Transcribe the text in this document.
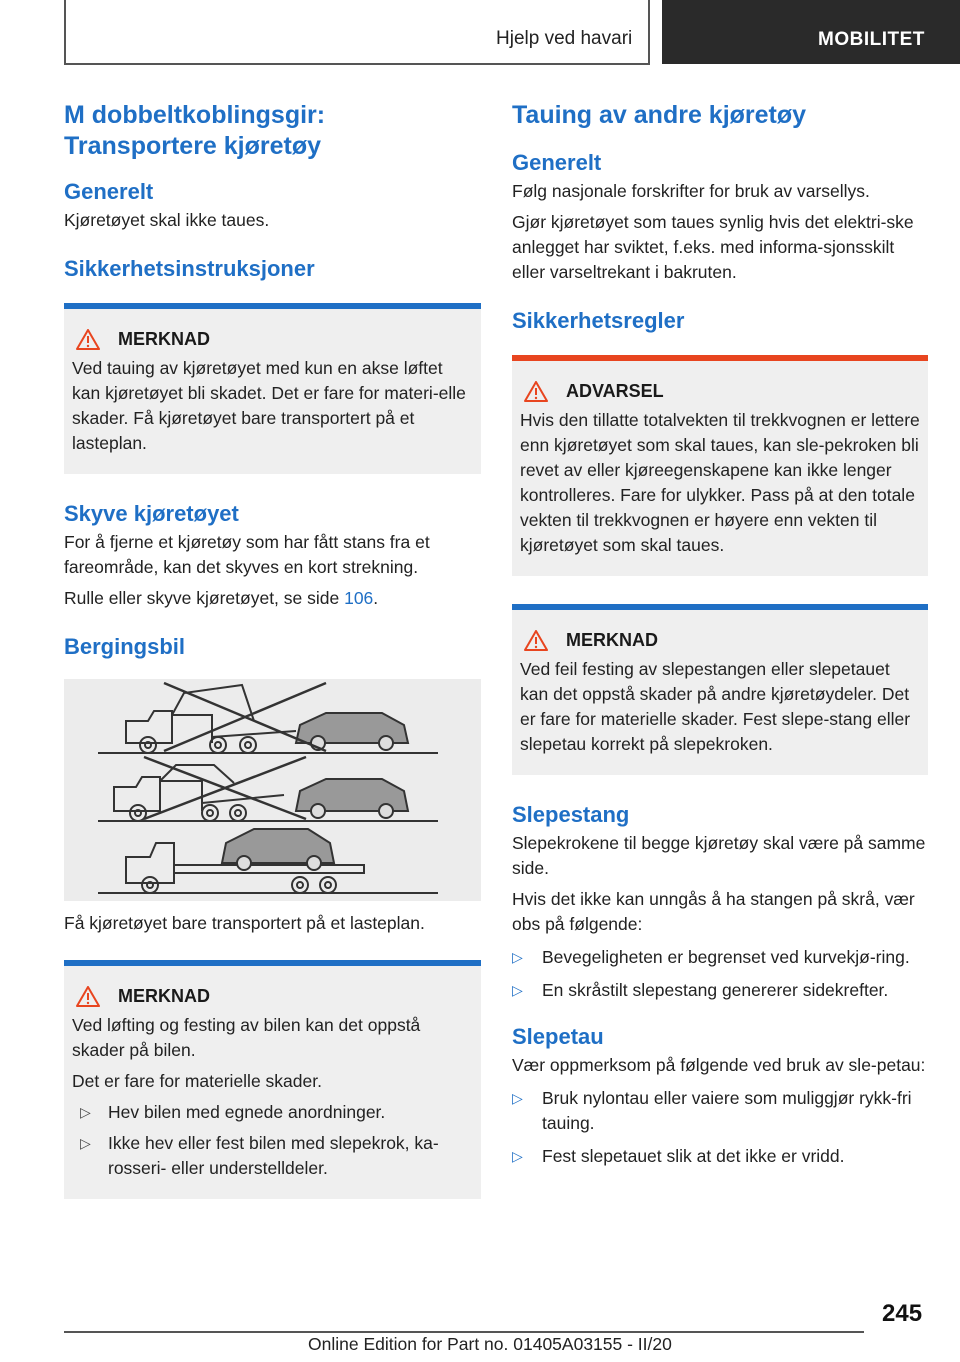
Hjelp ved havari	MOBILITET
M dobbeltkoblingsgir: Transportere kjøretøy
Generelt

Kjøretøyet skal ikke taues.

Sikkerhetsinstruksjoner
MERKNAD

Ved tauing av kjøretøyet med kun en akse løftet kan kjøretøyet bli skadet. Det er fare for materi-elle skader. Få kjøretøyet bare transportert på et lasteplan.

Skyve kjøretøyet

For å fjerne et kjøretøy som har fått stans fra et fareområde, kan det skyves en kort strekning.

Rulle eller skyve kjøretøyet, se side 106.

Bergingsbil

Få kjøretøyet bare transportert på et lasteplan.

MERKNAD

Ved løfting og festing av bilen kan det oppstå skader på bilen.

Det er fare for materielle skader.

▷ Hev bilen med egnede anordninger.
▷ Ikke hev eller fest bilen med slepekrok, ka-rosseri- eller understelldeler.
Tauing av andre kjøretøy
Generelt

Følg nasjonale forskrifter for bruk av varsellys.

Gjør kjøretøyet som taues synlig hvis det elektri-ske anlegget har sviktet, f.eks. med informa-sjonsskilt eller varseltrekant i bakruten.

Sikkerhetsregler
ADVARSEL

Hvis den tillatte totalvekten til trekkvognen er lettere enn kjøretøyet som skal taues, kan sle-pekroken bli revet av eller kjøreegenskapene kan ikke lenger kontrolleres. Fare for ulykker. Pass på at den totale vekten til trekkvognen er høyere enn vekten til kjøretøyet som skal taues.

MERKNAD

Ved feil festing av slepestangen eller slepetauet kan det oppstå skader på andre kjøretøydeler. Det er fare for materielle skader. Fest slepe-stang eller slepetau korrekt på slepekroken.

Slepestang

Slepekrokene til begge kjøretøy skal være på samme side.

Hvis det ikke kan unngås å ha stangen på skrå, vær obs på følgende:

▷ Bevegeligheten er begrenset ved kurvekjø-ring.
▷ En skråstilt slepestang genererer sidekrefter.
Slepetau

Vær oppmerksom på følgende ved bruk av sle-petau:

▷ Bruk nylontau eller vaiere som muliggjør rykk-fri tauing.
▷ Fest slepetauet slik at det ikke er vridd.
245
Online Edition for Part no. 01405A03155 - II/20
